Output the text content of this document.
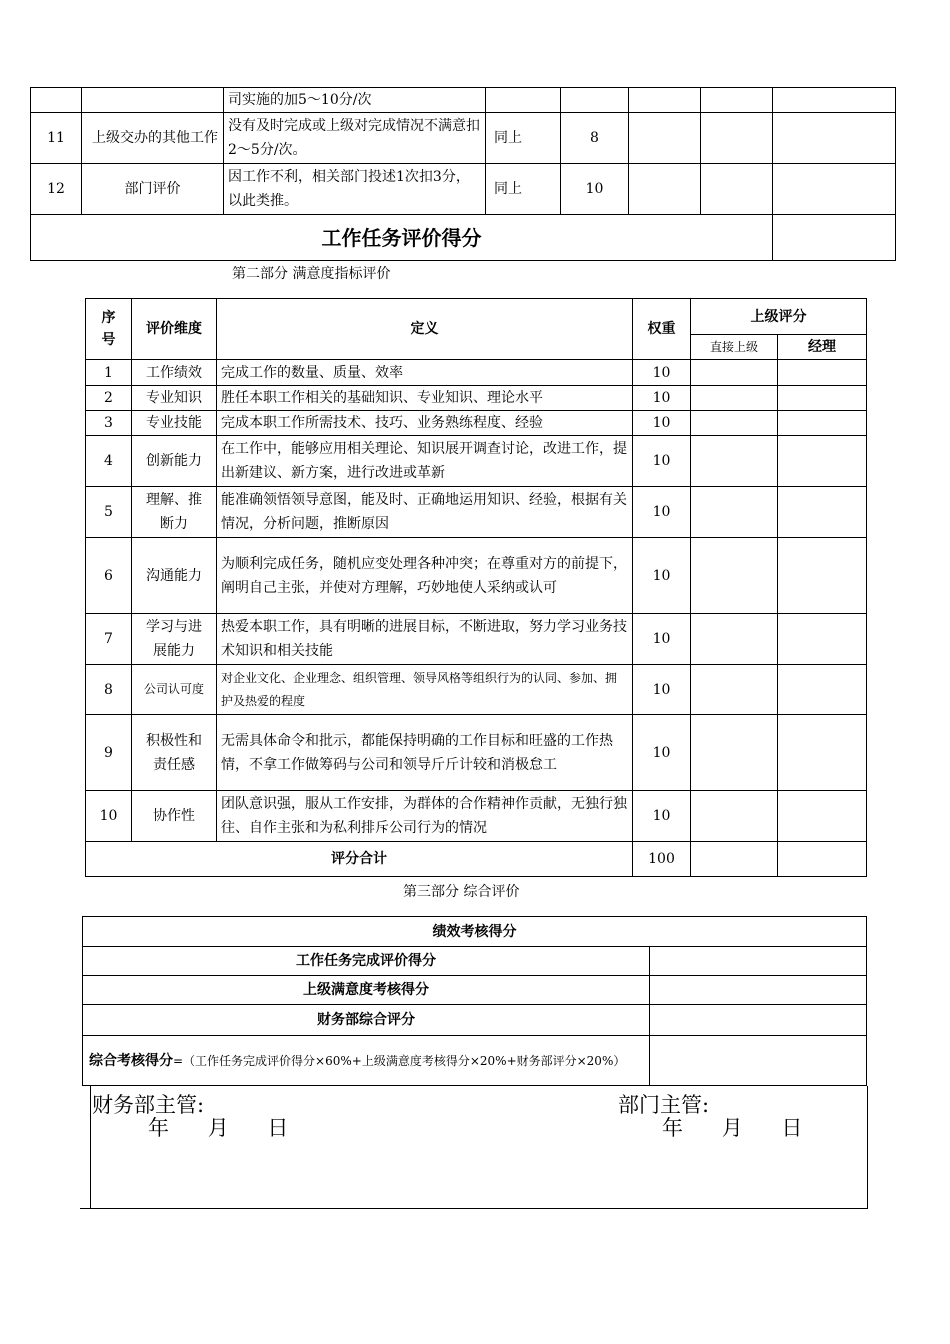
		司实施的加5～10分/次					
11	上级交办的其他工作	没有及时完成或上级对完成情况不满意扣2～5分/次。	同上	8			
12	部门评价	因工作不利，相关部门投述1次扣3分，以此类推。	同上	10			
工作任务评价得分							
第二部分 满意度指标评价
序号	评价维度	定义	权重	上级评分	
				直接上级	经理
1	工作绩效	完成工作的数量、质量、效率	10		
2	专业知识	胜任本职工作相关的基础知识、专业知识、理论水平	10		
3	专业技能	完成本职工作所需技术、技巧、业务熟练程度、经验	10		
4	创新能力	在工作中，能够应用相关理论、知识展开调查讨论，改进工作，提出新建议、新方案，进行改进或革新	10		
5	理解、推断力	能准确领悟领导意图，能及时、正确地运用知识、经验，根据有关情况，分析问题，推断原因	10		
6	沟通能力	为顺利完成任务，随机应变处理各种冲突；在尊重对方的前提下，阐明自己主张，并使对方理解，巧妙地使人采纳或认可	10		
7	学习与进展能力	热爱本职工作，具有明晰的进展目标，不断进取，努力学习业务技术知识和相关技能	10		
8	公司认可度	对企业文化、企业理念、组织管理、领导风格等组织行为的认同、参加、拥护及热爱的程度	10		
9	积极性和责任感	无需具体命令和批示，都能保持明确的工作目标和旺盛的工作热情，不拿工作做筹码与公司和领导斤斤计较和消极怠工	10		
10	协作性	团队意识强，服从工作安排，为群体的合作精神作贡献，无独行独往、自作主张和为私利排斥公司行为的情况	10		
评分合计			100		
第三部分 综合评价
绩效考核得分	
工作任务完成评价得分	
上级满意度考核得分	
财务部综合评分	
综合考核得分=（工作任务完成评价得分×60%+上级满意度考核得分×20%+财务部评分×20%）	
财务部主管:	部门主管:
年 月 日	年 月 日
